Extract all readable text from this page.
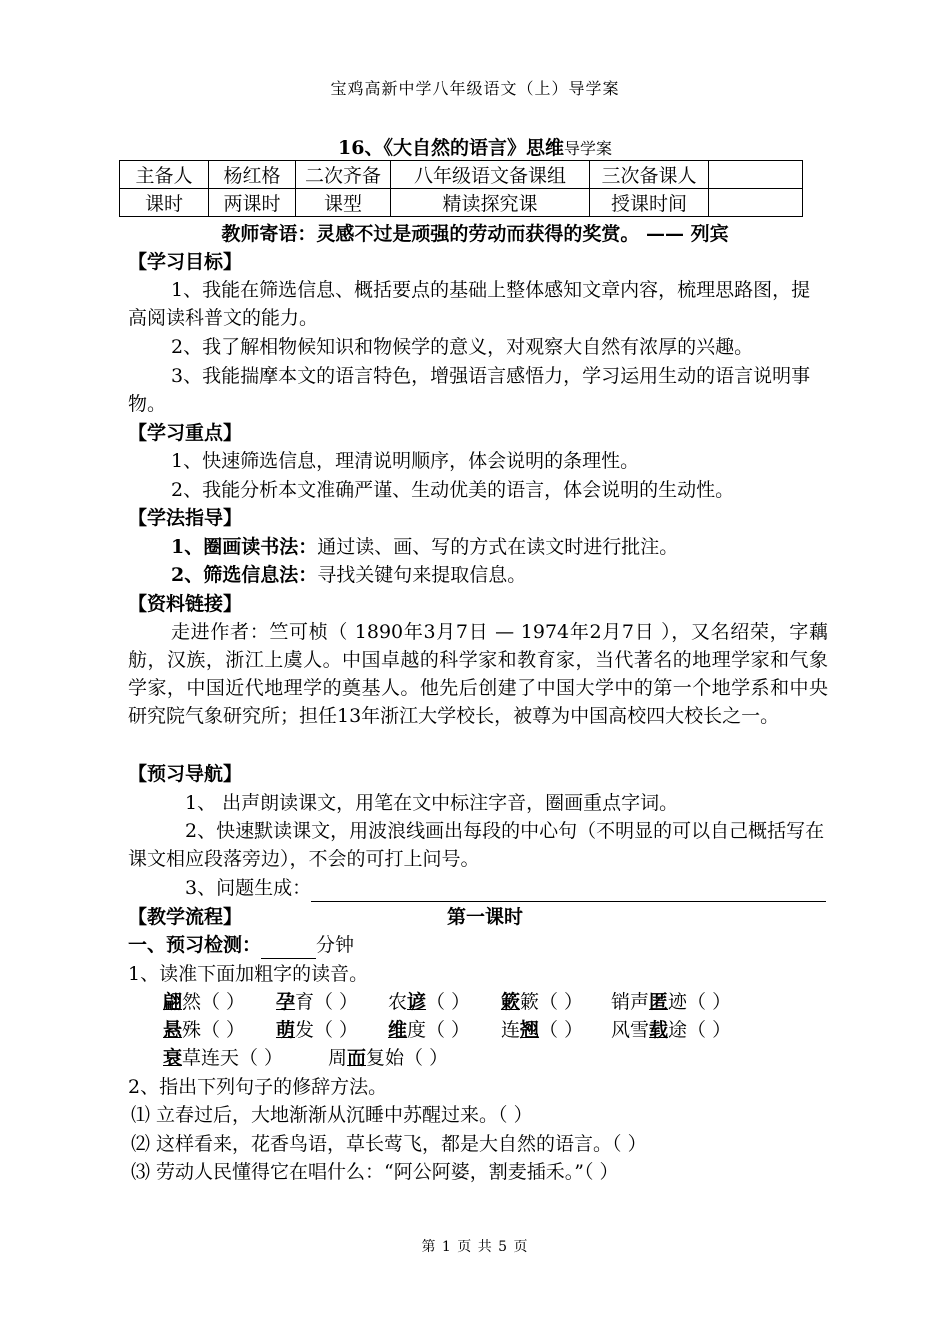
宝鸡高新中学八年级语文（上）导学案
16、《大自然的语言》思维导学案
主备人	杨红格	二次齐备	八年级语文备课组	三次备课人	
课时	两课时	课型	精读探究课	授课时间	
教师寄语：灵感不过是顽强的劳动而获得的奖赏。 —— 列宾
【学习目标】
1、我能在筛选信息、概括要点的基础上整体感知文章内容，梳理思路图，提高阅读科普文的能力。
2、我了解相物候知识和物候学的意义，对观察大自然有浓厚的兴趣。
3、我能揣摩本文的语言特色，增强语言感悟力，学习运用生动的语言说明事物。
【学习重点】
1、快速筛选信息，理清说明顺序，体会说明的条理性。
2、我能分析本文准确严谨、生动优美的语言，体会说明的生动性。
【学法指导】
1、圈画读书法：通过读、画、写的方式在读文时进行批注。
2、筛选信息法：寻找关键句来提取信息。
【资料链接】
走进作者：竺可桢（ 1890年3月7日 — 1974年2月7日 ），又名绍荣，字藕舫，汉族，浙江上虞人。中国卓越的科学家和教育家，当代著名的地理学家和气象学家，中国近代地理学的奠基人。他先后创建了中国大学中的第一个地学系和中央研究院气象研究所；担任13年浙江大学校长，被尊为中国高校四大校长之一。
【预习导航】
1、 出声朗读课文，用笔在文中标注字音，圈画重点字词。
2、快速默读课文，用波浪线画出每段的中心句（不明显的可以自己概括写在课文相应段落旁边），不会的可打上问号。
3、问题生成：
【教学流程】	第一课时
一、预习检测：	分钟
1、读准下面加粗字的读音。
翩然（ ） 孕育（ ） 农谚（ ） 簌簌（ ） 销声匿迹（ ）
悬殊（ ） 萌发（ ） 维度（ ） 连翘（ ） 风雪载途（ ）
衰草连天（ ） 周而复始（ ）
2、指出下列句子的修辞方法。
⑴ 立春过后，大地渐渐从沉睡中苏醒过来。（ ）
⑵ 这样看来，花香鸟语，草长莺飞，都是大自然的语言。（ ）
⑶ 劳动人民懂得它在唱什么：“阿公阿婆，割麦插禾。”（ ）
第 1 页 共 5 页
